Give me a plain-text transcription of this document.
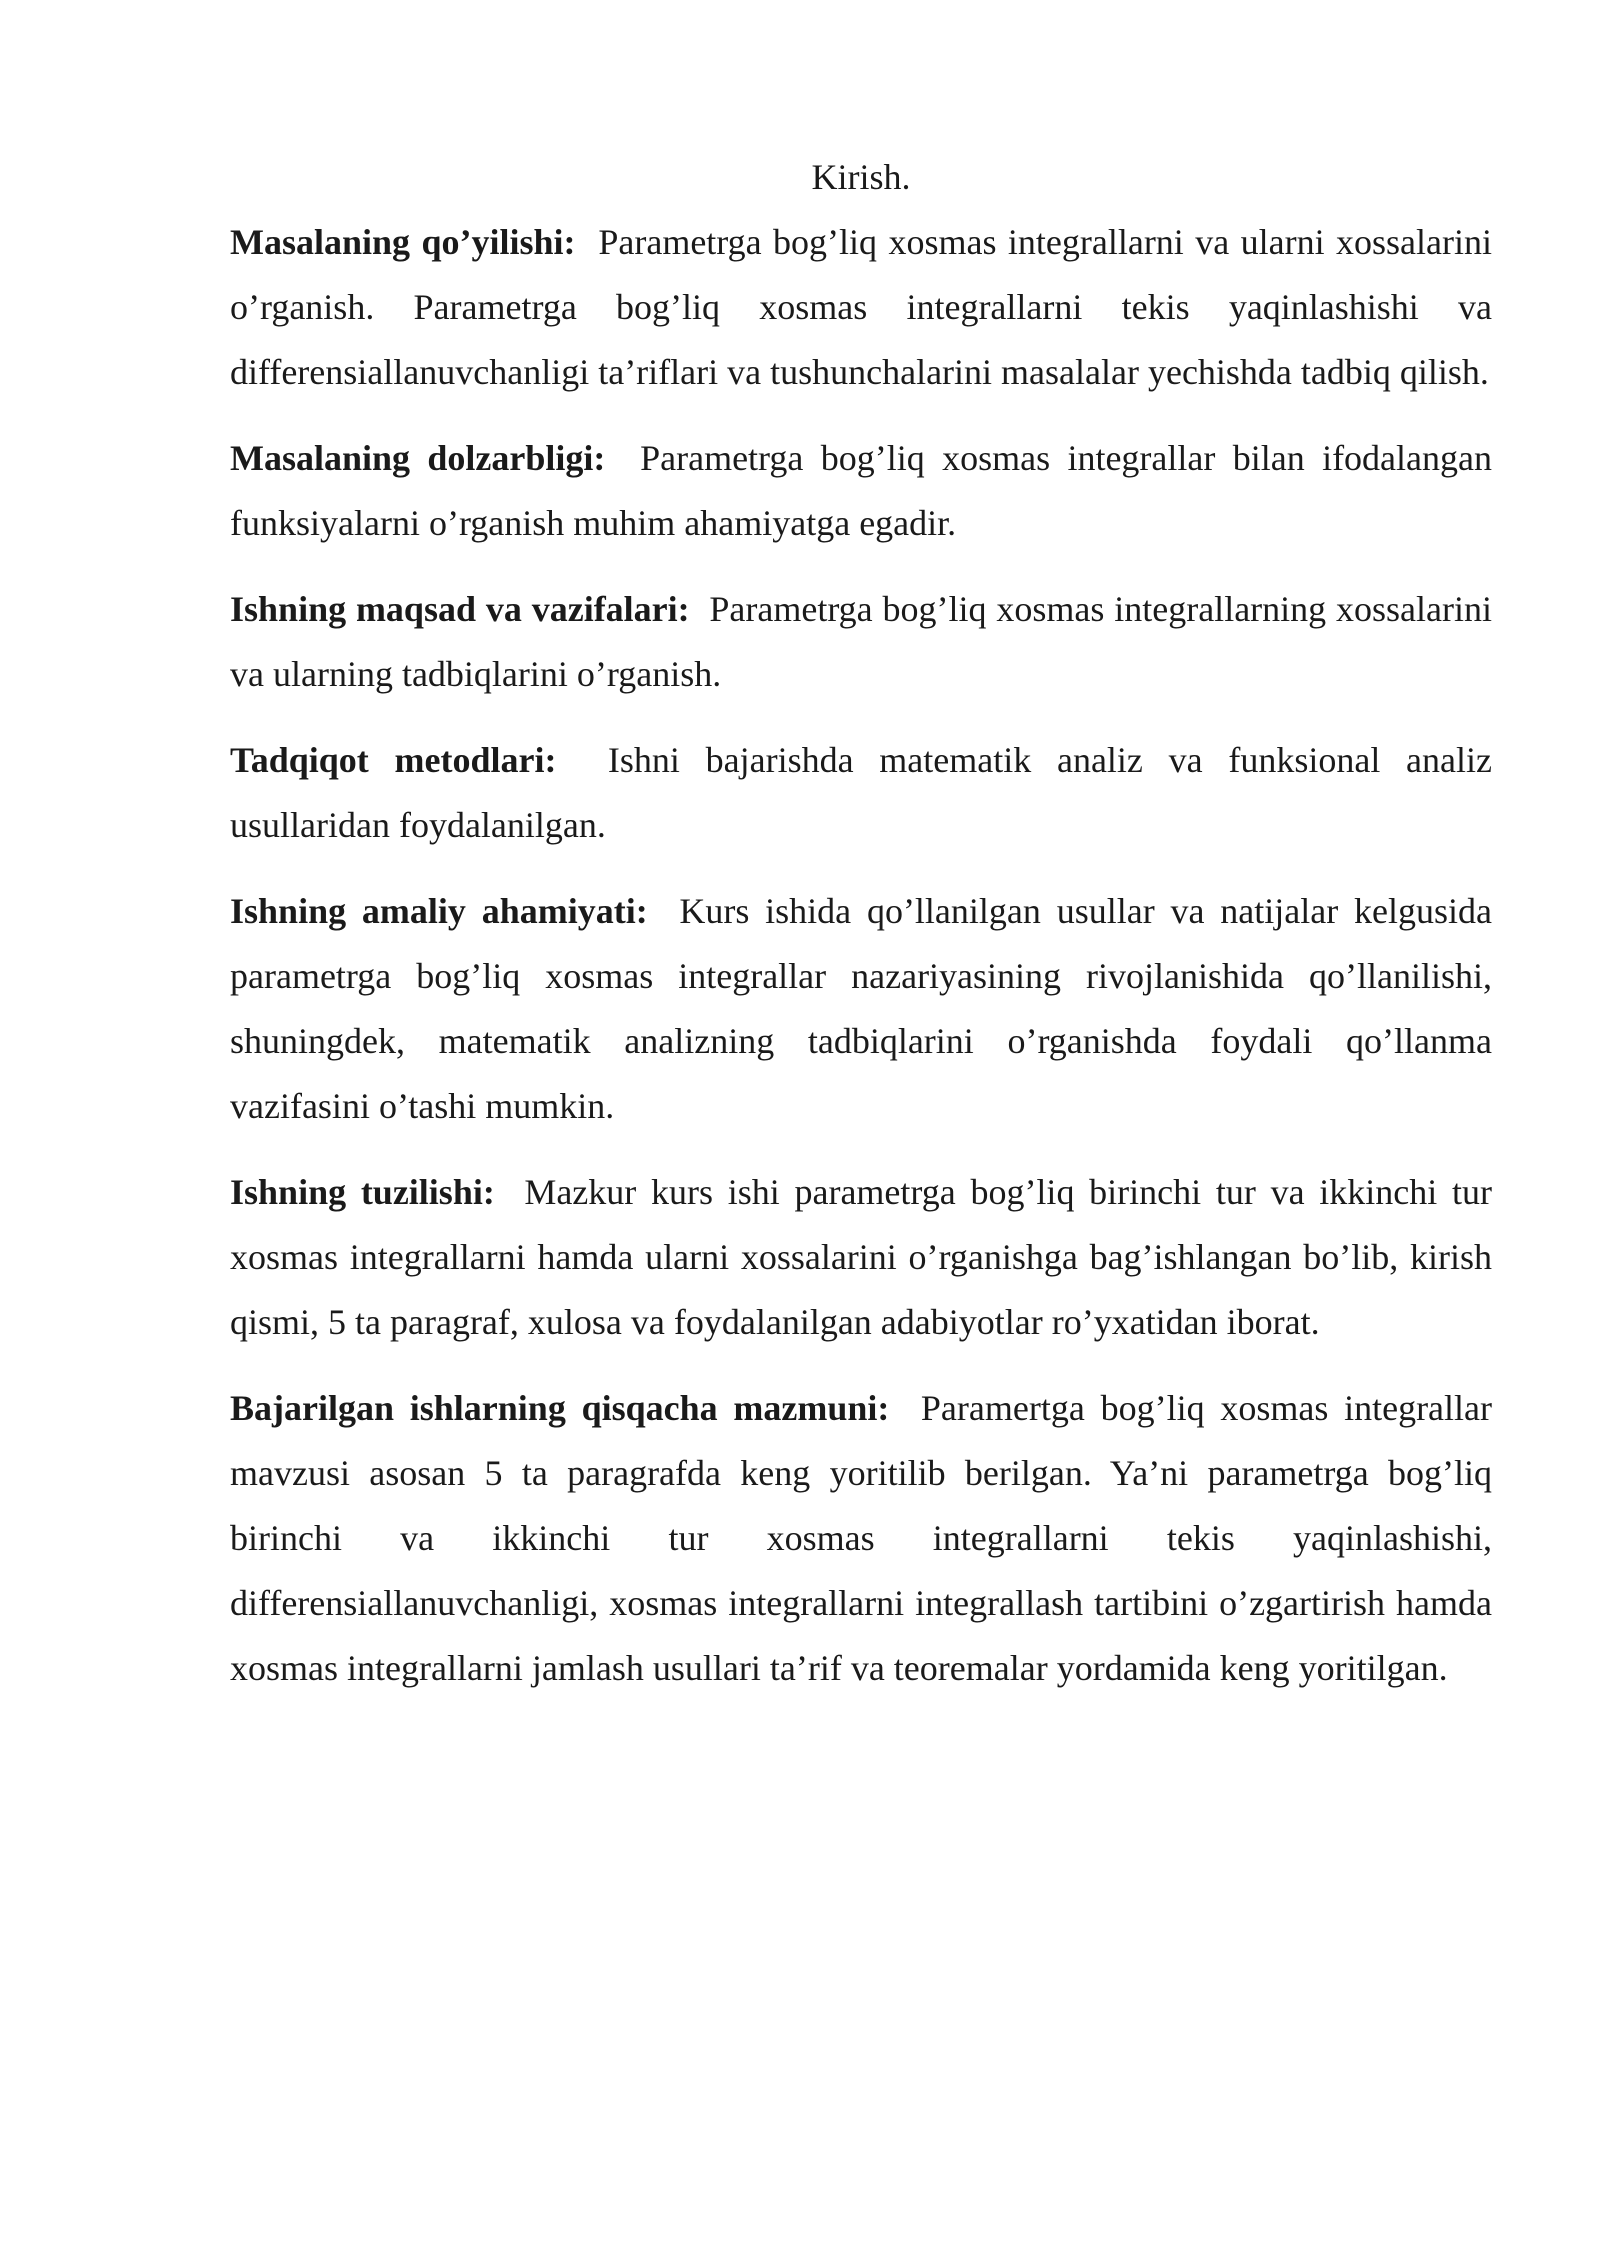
Kirish.

Masalaning qo’yilishi: Parametrga bog’liq xosmas integrallarni va ularni xossalarini o’rganish. Parametrga bog’liq xosmas integrallarni tekis yaqinlashishi va differensiallanuvchanligi ta’riflari va tushunchalarini masalalar yechishda tadbiq qilish.

Masalaning dolzarbligi: Parametrga bog’liq xosmas integrallar bilan ifodalangan funksiyalarni o’rganish muhim ahamiyatga egadir.

Ishning maqsad va vazifalari: Parametrga bog’liq xosmas integrallarning xossalarini va ularning tadbiqlarini o’rganish.

Tadqiqot metodlari: Ishni bajarishda matematik analiz va funksional analiz usullaridan foydalanilgan.

Ishning amaliy ahamiyati: Kurs ishida qo’llanilgan usullar va natijalar kelgusida parametrga bog’liq xosmas integrallar nazariyasining rivojlanishida qo’llanilishi, shuningdek, matematik analizning tadbiqlarini o’rganishda foydali qo’llanma vazifasini o’tashi mumkin.

Ishning tuzilishi: Mazkur kurs ishi parametrga bog’liq birinchi tur va ikkinchi tur xosmas integrallarni hamda ularni xossalarini o’rganishga bag’ishlangan bo’lib, kirish qismi, 5 ta paragraf, xulosa va foydalanilgan adabiyotlar ro’yxatidan iborat.

Bajarilgan ishlarning qisqacha mazmuni: Paramertga bog’liq xosmas integrallar mavzusi asosan 5 ta paragrafda keng yoritilib berilgan. Ya’ni parametrga bog’liq birinchi va ikkinchi tur xosmas integrallarni tekis yaqinlashishi, differensiallanuvchanligi, xosmas integrallarni integrallash tartibini o’zgartirish hamda xosmas integrallarni jamlash usullari ta’rif va teoremalar yordamida keng yoritilgan.
